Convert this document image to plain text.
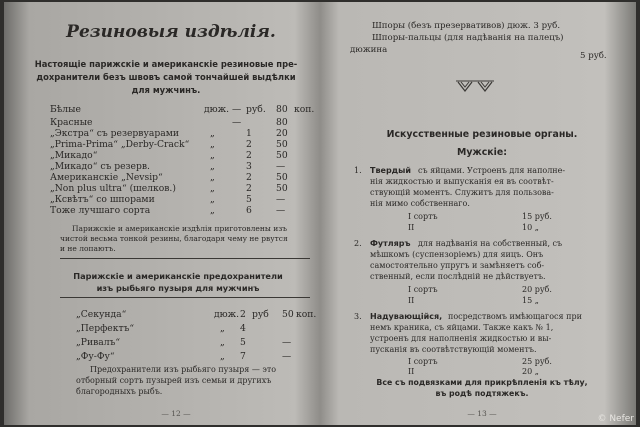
Резиновыя издѣлія.
Настоящіе парижскіе и американскіе резиновые пре-
дохранители безъ швовъ самой тончайшей выдѣлки
для мужчинъ.
Бѣлые	дюж. — руб. 80 коп.
Красные	—	80
„Экстра“ съ резервуарами	„	1	20
„Prima-Prima“ „Derby-Crack“ „	2	50
„Микадо“	„	2	50
„Микадо“ съ резерв.	„	3	—
Американскіе „Nevsip“	„	2	50
„Non plus ultra“ (шелков.)	„	2	50
„Ксвѣтъ“ со шпорами	„	5	—
Тоже лучшаго сорта	„	6	—
Парижскіе и американскіе издѣлія приготовлены изъ
чистой весьма тонкой резины, благодаря чему не рвутся
и не лопаютъ.
Парижскіе и американскіе предохранители
изъ рыбьяго пузыря для мужчинъ
„Секунда“	дюж. 2 руб 50 коп.
„Перфектъ“	„ 4
„Ривалъ“	„ 5	—
„Фу-Фу“	„ 7	—
Предохранители изъ рыбьяго пузыря — это
отборный сортъ пузырей изъ семьи и другихъ
благородныхъ рыбъ.
— 12 —
Шпоры (безъ презервативов) дюж. 3 руб.
Шпоры-пальцы (для надѣванія на палецъ)
дюжина
5 руб.
Искусственные резиновые органы.
Мужскіе:
1. Твердый съ яйцами. Устроенъ для наполне-
нія жидкостью и выпусканія ея въ соотвѣт-
ствующій моментъ. Служитъ для пользова-
нія мимо собственнаго.
I сортъ	15 руб.
II	10 „
2. Футляръ для надѣванія на собственный, съ
мѣшкомъ (суспензоріемъ) для яицъ. Онъ
самостоятельно упругъ и замѣняетъ соб-
ственный, если послѣдній не дѣйствуетъ.
I сортъ	20 руб.
II	15 „
3. Надувающійся, посредствомъ имѣющагося при
немъ краника, съ яйцами. Также какъ № 1,
устроенъ для наполненія жидкостью и вы-
пусканія въ соотвѣтствующій моментъ.
I сортъ	25 руб.
II	20 „
Все съ подвязками для прикрѣпленія къ тѣлу,
въ родѣ подтяжекъ.
— 13 —
© Nefer
